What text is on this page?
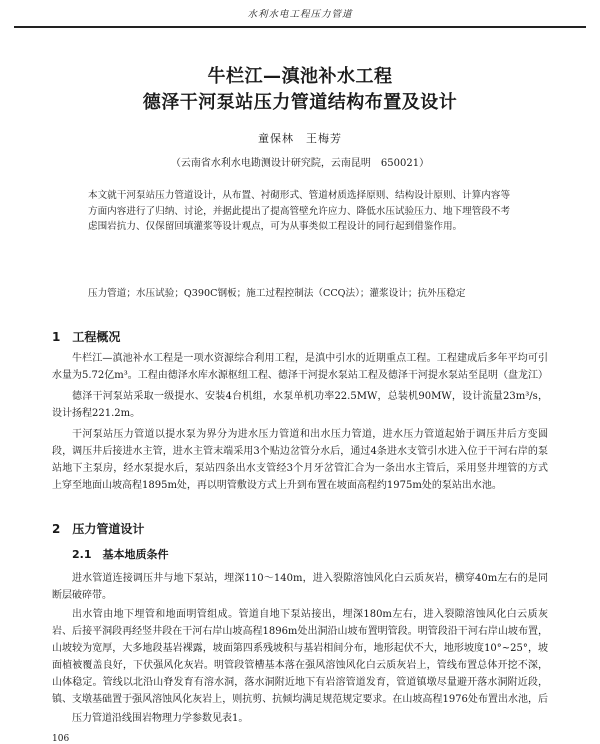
水利水电工程压力管道
牛栏江—滇池补水工程
德泽干河泵站压力管道结构布置及设计
童保林　王梅芳
（云南省水利水电勘测设计研究院，云南昆明　650021）
本文就干河泵站压力管道设计，从布置、衬砌形式、管道材质选择原则、结构设计原则、计算内容等方面内容进行了归纳、讨论，并据此提出了提高管壁允许应力、降低水压试验压力、地下埋管段不考虑围岩抗力、仅保留回填灌浆等设计观点，可为从事类似工程设计的同行起到借鉴作用。
压力管道；水压试验；Q390C钢板；施工过程控制法（CCQ法）；灌浆设计；抗外压稳定
1　工程概况
牛栏江—滇池补水工程是一项水资源综合利用工程，是滇中引水的近期重点工程。工程建成后多年平均可引水量为5.72亿m³。工程由德泽水库水源枢纽工程、德泽干河提水泵站工程及德泽干河提水泵站至昆明（盘龙江）
德泽干河泵站采取一级提水、安装4台机组，水泵单机功率22.5MW，总装机90MW，设计流量23m³/s，设计扬程221.2m。
干河泵站压力管道以提水泵为界分为进水压力管道和出水压力管道，进水压力管道起始于调压井后方变圆段，调压井后接进水主管，进水主管末端采用3个贴边岔管分水后，通过4条进水支管引水进入位于干河右岸的泵站地下主泵房，经水泵提水后，泵站四条出水支管经3个月牙岔管汇合为一条出水主管后，采用竖井埋管的方式上穿至地面山坡高程1895m处，再以明管敷设方式上升到布置在坡面高程约1975m处的泵站出水池。
2　压力管道设计
2.1　基本地质条件
进水管道连接调压井与地下泵站，埋深110～140m，进入裂隙溶蚀风化白云质灰岩，横穿40m左右的是同断层破碎带。
出水管由地下埋管和地面明管组成。管道自地下泵站接出，埋深180m左右，进入裂隙溶蚀风化白云质灰岩、后接平洞段再经竖井段在干河右岸山坡高程1896m处出洞沿山坡布置明管段。明管段沿干河右岸山坡布置，山坡较为宽厚，大多地段基岩裸露，坡面第四系残坡积与基岩相间分布，地形起伏不大，地形坡度10°~25°，坡面植被覆盖良好，下伏强风化灰岩。明管段管槽基本落在强风溶蚀风化白云质灰岩上，管线布置总体开挖不深，山体稳定。管线以北沿山脊发育有溶水洞，落水洞附近地下有岩溶管道发育，管道镇墩尽量避开落水洞附近段，镇、支墩基础置于强风溶蚀风化灰岩上，则抗剪、抗倾均满足规范规定要求。在山坡高程1976处布置出水池，后
压力管道沿线围岩物理力学参数见表1。
106
